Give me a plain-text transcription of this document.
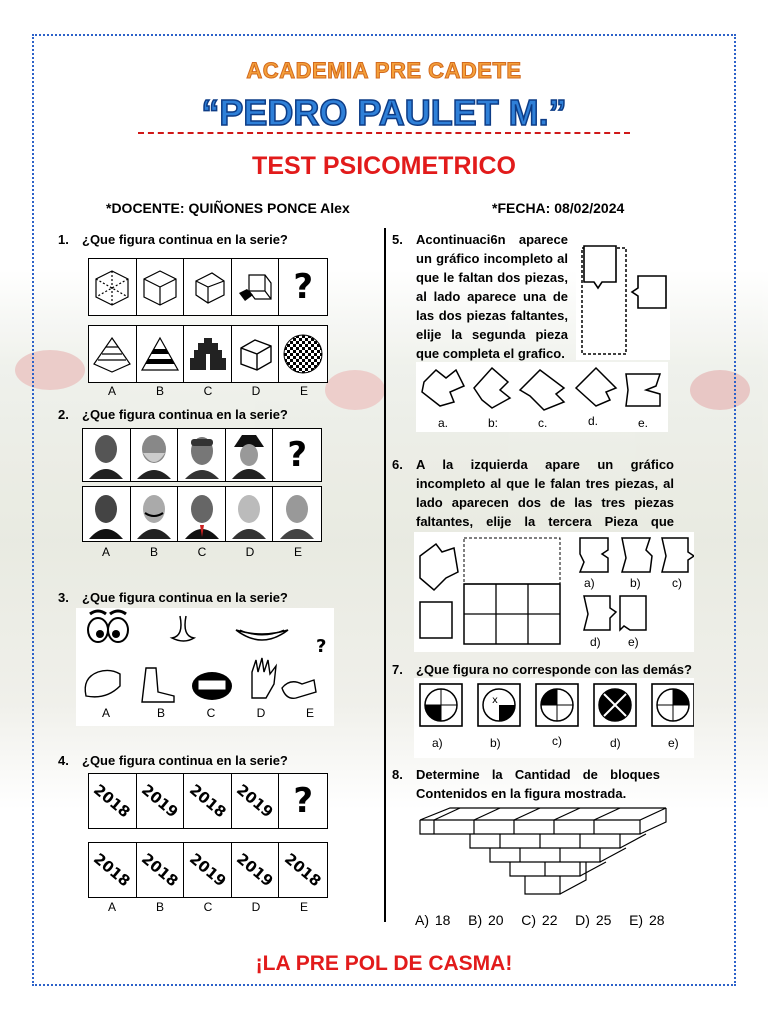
ACADEMIA PRE CADETE
“PEDRO PAULET M.”
TEST PSICOMETRICO
*DOCENTE: QUIÑONES PONCE Alex	*FECHA: 08/02/2024
1. ¿Que figura continua en la serie?
?
A	B	C	D	E
2. ¿Que figura continua en la serie?
?
A	B	C	D	E
3. ¿Que figura continua en la serie?
?
A	B	C	D	E
4. ¿Que figura continua en la serie?
2018 2019 2018 2019 ?
2018 2018 2019 2019 2018
A	B	C	D	E
5.	Acontinuaci6n aparece un gráfico incompleto al que le faltan dos piezas, al lado aparece una de las dos piezas faltantes, elije la segunda pieza que completa el grafico.
a.	b:	c.	d.	e.
6.	A la izquierda apare un gráfico incompleto al que le falan tres piezas, al lado aparecen dos de las tres piezas faltantes, elije la tercera Pieza que
a)	b)	c)
d) e)
7. ¿Que figura no corresponde con las demás?
x
a)	b)	c)	d)	e)
8.	Determine la Cantidad de bloques Contenidos en la figura mostrada.
A) 18   B) 20   C) 22   D) 25   E) 28
¡LA PRE POL DE CASMA!
